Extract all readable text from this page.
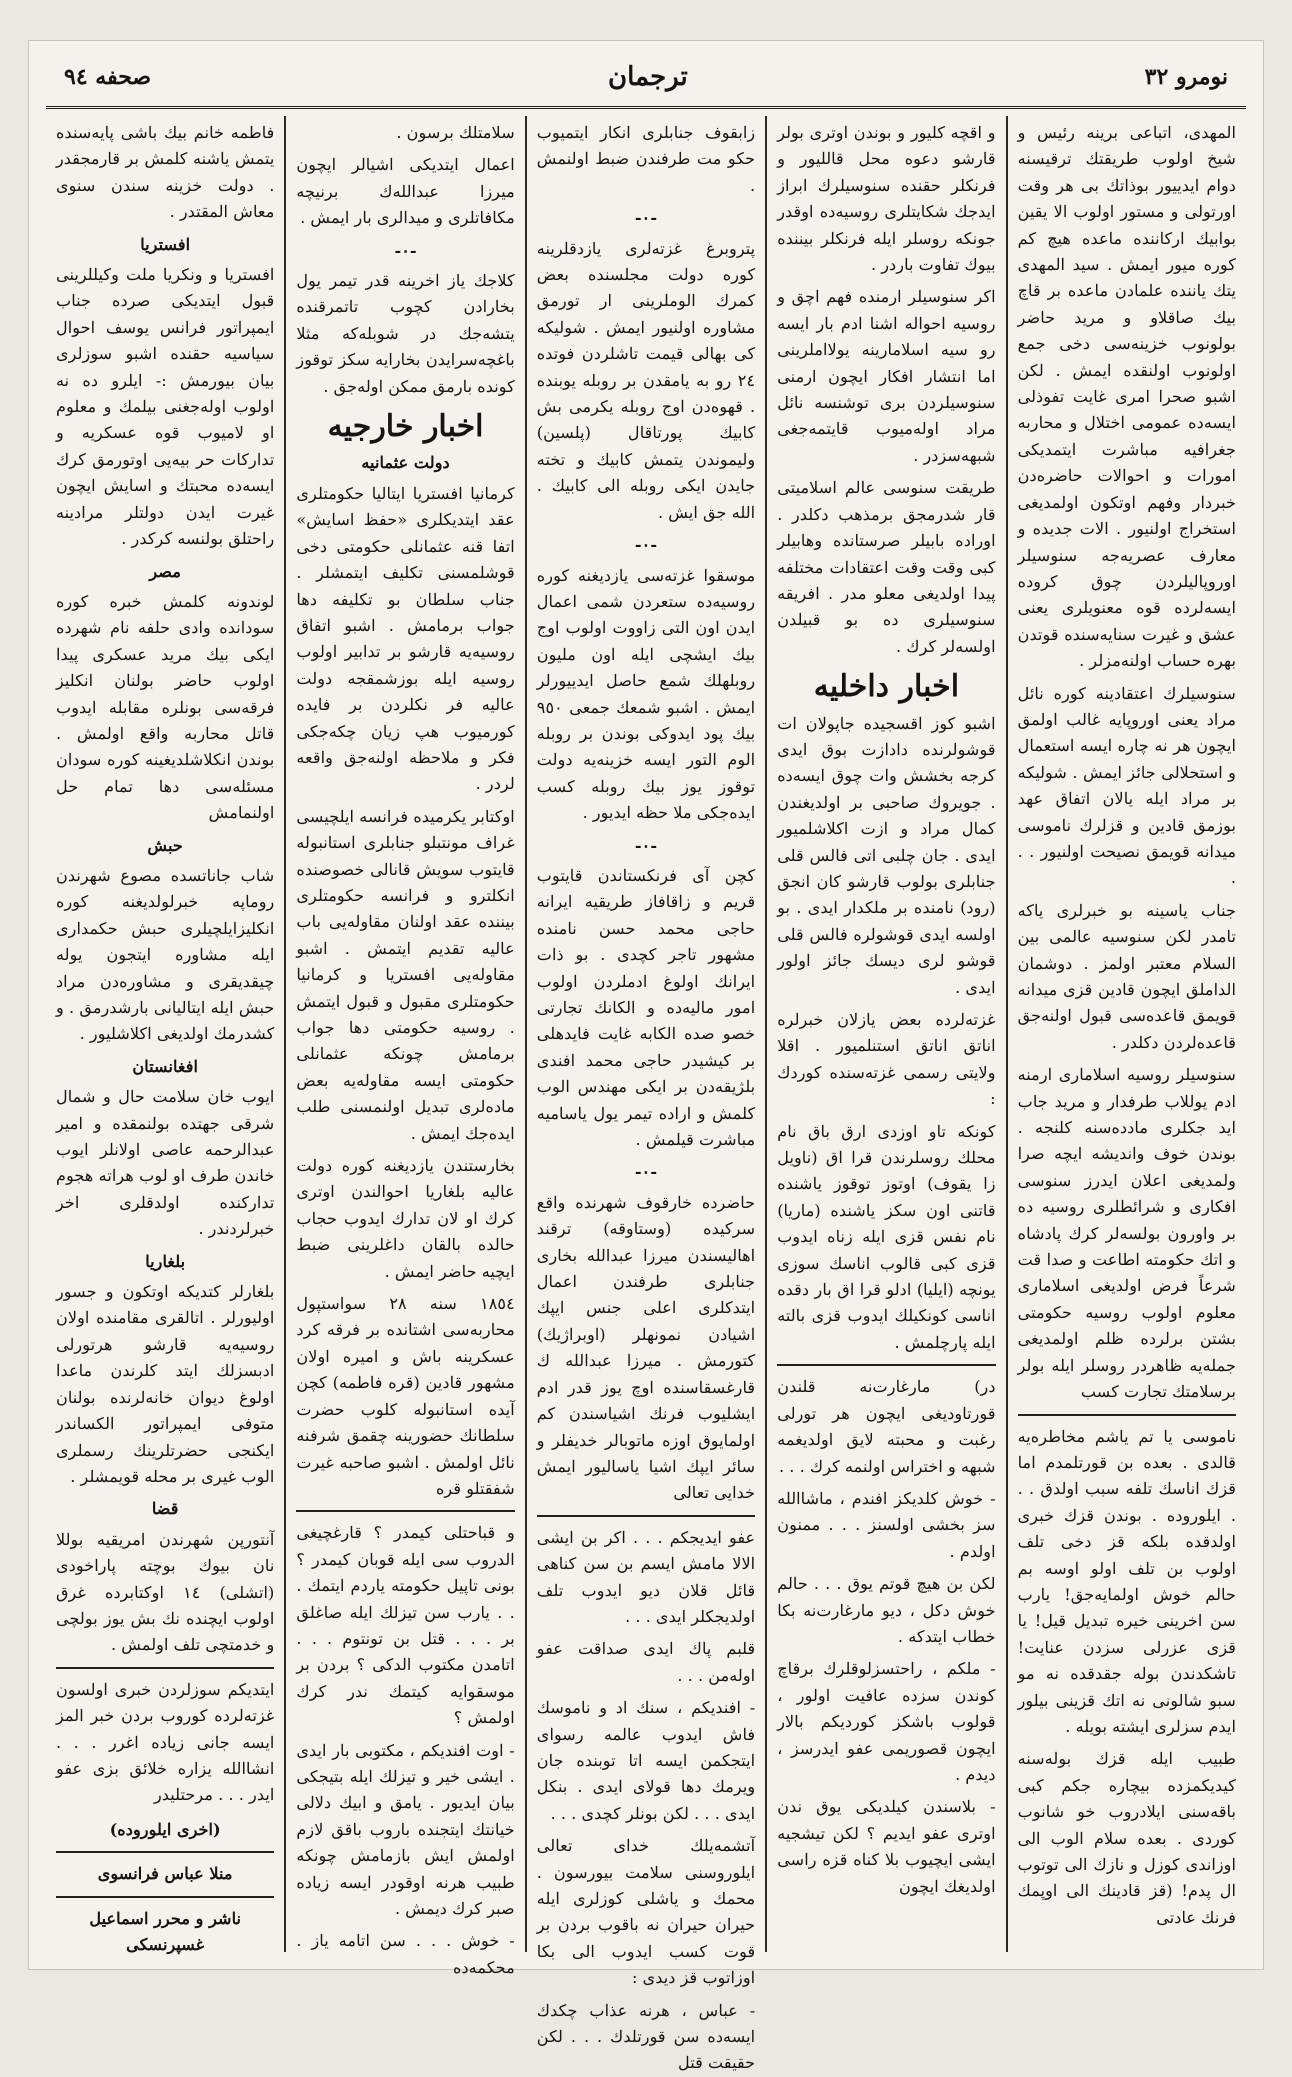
نومرو ٣٢
ترجمان
صحفه ٩٤
المهدى، اتباعى برینه رئیس و شیخ اولوب طریقتك ترقیسنه دوام ایدییور بوذاتك بى هر وقت اورتولى و مستور اولوب الا یقین بوابیك اركاننده ماعده هیچ كم كوره میور ایمش . سید المهدى یتك یاننده علمادن ماعده بر قاچ بیك صاقلاو و مرید حاضر بولونوب خزینه‌سى دخى جمع اولونوب اولنقده ایمش . لكن اشبو صحرا امرى غایت تفوذلى ایسه‌ده عمومى اختلال و محاربه جغرافیه مباشرت ایتمدیكى امورات و احوالات حاضره‌دن خبردار وفهم اوتكون اولمدیغى استخراج اولنیور . الات جدیده و معارف عصریه‌جه سنوسیلر اوروپالیلردن چوق كروده ایسه‌لرده قوه معنویلرى یعنى عشق و غیرت سنایه‌سنده قوتدن بهره حساب اولنه‌مزلر .
سنوسیلرك اعتقادینه كوره نائل مراد یعنى اوروپایه غالب اولمق ایچون هر نه چاره ایسه استعمال و استحلالى جائز ایمش . شولیكه بر مراد ایله یالان اتفاق عهد بوزمق قادین و قزلرك ناموسى میدانه قویمق نصیحت اولنیور . . .
جناب یاسینه بو خبرلرى یاكه تامدر لكن سنوسیه عالمى بین السلام معتبر اولمز . دوشمان الداملق ایچون قادین قزى میدانه قویمق قاعده‌سى قبول اولنه‌جق قاعده‌لردن دكلدر .
سنوسیلر روسیه اسلامارى ارمنه ادم یوللاب طرفدار و مرید جاب اید جكلرى مادده‌سنه كلنجه . بوندن خوف واندیشه ایچه صرا ولمدیغى اعلان ایدرز سنوسى افكارى و شرائطلرى روسیه ده بر واورون بولسه‌لر كرك پادشاه و اتك حكومته اطاعت و صدا قت شرعاً فرض اولدیغى اسلامارى معلوم اولوب روسیه حكومتى بشتن برلرده ظلم اولمدیغى جمله‌یه ظاهردر روسلر ایله بولر برسلامتك تجارت كسب
ناموسى یا تم یاشم مخاطره‌یه قالدى . بعده بن قورتلمدم اما قزك اناسك تلفه سبب اولدق . . . ایلوروده . بوندن قزك خبرى اولدقده بلكه قز دخى تلف اولوب بن تلف اولو اوسه بم حالم خوش اولمایه‌جق! یارب سن اخرینى خیره تبدیل قیل! یا قزى عزرلى سزدن عنایت! تاشكدندن بوله جقدقده نه مو سبو شالونى نه اتك قزینى بیلور ایدم سزلرى ایشته بویله .
طبیب ایله قزك بوله‌سنه كیدیكمزده بیچاره جكم كبى باقه‌سنى ایلادروب خو شانوب كوردى . بعده سلام الوب الى اوزاندى كوزل و نازك الى توتوب ال پدم! (قز قادینك الى اوپمك فرنك عادتى
و اقچه كلیور و بوندن اوترى بولر قارشو دعوه محل قاللیور و فرنكلر حقنده سنوسیلرك ابراز ایدجك شكایتلرى روسیه‌ده اوقدر جونكه روسلر ایله فرنكلر بیننده بیوك تفاوت باردر .
اكر سنوسیلر ارمنده فهم اچق و روسیه احواله اشنا ادم بار ایسه رو سیه اسلامارینه یولااملرینى اما انتشار افكار ایچون ارمنى سنوسیلردن برى توشنسه نائل مراد اوله‌میوب قایتمه‌جغى شبهه‌سزدر .
طریقت سنوسى عالم اسلامیتى قار شدرمجق برمذهب دكلدر . اوراده بابیلر صرستانده وهابیلر كبى وقت وقت اعتقادات مختلفه پیدا اولدیغى معلو مدر . افریقه سنوسیلرى ده بو قبیلدن اولسه‌لر كرك .
اخبار داخلیه
اشبو كوز اقسجیده جاپولان ات قوشولرنده دادازت بوق ایدى كرجه بخشش وات چوق ایسه‌ده . جویروك صاحبى بر اولدیغندن كمال مراد و ازت اكلاشلمیور ایدى . جان چلبى اتى فالس قلى جنابلرى بولوب قارشو كان انجق (رود) نامنده بر ملكدار ایدى . بو اولسه ایدى قوشولره ‌فالس قلى قوشو لرى دیسك جائز اولور ایدى .
غزته‌لرده بعض یازلان خبرلره اناتق اناتق استنلمیور . اقلا ولایتى رسمى غزته‌سنده كوردك :
كونكه تاو اوزدى ارق باق نام محلك روسلرندن قرا اق (ناویل زا یقوف) اوتوز توقوز یاشنده قاتنى اون سكز یاشنده (ماریا) نام نفس قزى ایله زناه ایدوب قزى كبى قالوب اناسك سوزى یونچه (ایلیا) ادلو قرا اق بار دقده اناسى كونكیلك ایدوب قزى بالته ایله پارچلمش .
در) مارغارت‌نه قلندن قورتاودیغى ایچون هر تورلى رغبت و محبته لایق اولدیغمه شبهه و اختراس اولنمه كرك . . .
- خوش كلدیكز افندم ، ماشاالله سز بخشى اولسنز . . . ممنون اولدم .
لكن بن هیچ قوتم یوق . . . حالم خوش دكل ، دیو مارغارت‌نه بكا خطاب ایتدكه .
- ملكم ، راحتسزلوقلرك برقاچ كوندن سزده عافیت اولور ، قولوب باشكز كوردیكم بالار ایچون قصوریمى عفو ایدرسز ، دیدم .
- بلاسندن كیلدیكى یوق ندن اوترى عفو ایدیم ؟ لكن تیشجیه ایشى ایچیوب بلا كناه قزه راسى اولدیغك ایچون
زابقوف جنابلرى انكار ایتمیوب حكو مت طرفندن ضبط اولنمش .
-٠-
پتروبرغ غزته‌لرى یازدقلرینه كوره دولت مجلسنده بعض كمرك الوملرینى ار تورمق مشاوره اولنیور ایمش . شولیكه كى بهالى قیمت تاشلردن فوتده ٢٤ رو به یامقدن بر روبله یوبنده . قهوه‌دن اوج روبله یكرمى بش كابیك پورتاقال (پلسین) ولیموندن یتمش كابیك و تخته جایدن ایكى روبله الى كابیك . الله جق ایش .
-٠-
موسقوا غزته‌سى یازدیغنه كوره روسیه‌ده ستعردن شمى اعمال ایدن اون التى زاووت اولوب اوج بیك ایشچى ایله اون ملیون روبلهلك شمع حاصل ایدییورلر ایمش . اشبو شمعك جمعى ٩٥٠ بیك پود ایدوكى بوندن بر روبله الوم التور ایسه خزینه‌یه دولت توقوز یوز بیك روبله كسب ایده‌جكى ملا حظه ایدیور .
-٠-
كچن آى فرنكستاندن قایتوب قریم و زاقافاز طریقیه ایرانه حاجى محمد حسن نامنده مشهور تاجر كچدى . بو ذات ایرانك اولوغ ادملردن اولوب امور مالیه‌ده و الكانك تجارتى خصو صده الكابه غایت فایدهلى بر كیشیدر حاجى محمد افندى بلژیقه‌دن بر ایكى مهندس الوب كلمش و اراده تیمر یول یاسامیه مباشرت قیلمش .
-٠-
حاضرده خارقوف شهرنده واقع سركیده (وستاوقه) ترقند اهالیسندن میرزا عبدالله بخارى جنابلرى طرفندن اعمال ایتدكلرى اعلى جنس ایپك اشیادن نمونهلر (اوبراژیك) كتورمش . میرزا عبدالله ك قارغسقاسنده اوچ یوز قدر ادم ایشلیوب فرنك اشیاسندن كم اولمایوق اوزه ماتوبالر خدیفلر و سائر ایپك اشیا یاسالیور ایمش خدایى تعالى
عفو ایدیجكم . . . اكر بن ایشى الالا مامش ایسم بن سن كناهى قائل قلان دیو ایدوب تلف اولدیجكلر ایدى . . .
قلبم پاك ایدى صداقت عفو اوله‌من . . .
- افندیكم ، سنك اد و ناموسك فاش ایدوب عالمه رسواى ایتجكمن ایسه اتا توبنده جان ویرمك دها قولاى ایدى . بنكل ایدى . . . لكن بونلر كچدى . . .
آتشمه‌یلك خداى تعالى ایلوروسنى سلامت بیورسون . محمك و یاشلى كوزلرى ایله حیران حیران نه باقوب بردن بر قوت كسب ایدوب الى بكا اوزاتوب قز دیدى :
- عباس ، هرنه عذاب چكدك ایسه‌ده سن قورتلدك . . . لكن حقیقت قتل
سلامتلك برسون .
اعمال ایتدیكى اشیالر ایچون میرزا عبدالله‌ك برنیچه مكافاتلرى و میدالرى بار ایمش .
-٠-
كلاجك یاز اخرینه قدر تیمر یول بخارادن كچوب تاتمرقنده یتشه‌جك در شوبله‌كه مثلا باغچه‌سرایدن بخارایه سكز توقوز كونده بارمق ممكن اوله‌جق .
اخبار خارجیه
دولت عثمانیه
كرمانیا افستریا ایتالیا حكومتلرى عقد ایتدیكلرى «حفظ اسایش» اتفا قنه عثمانلى حكومتى دخى قوشلمسنى تكلیف ایتمشلر . جناب سلطان بو تكلیفه دها جواب برمامش . اشبو اتفاق روسیه‌یه قارشو بر تدابیر اولوب روسیه ایله بوزشمقجه دولت عالیه فر نكلردن بر فایده كورمیوب هپ زیان چكه‌جكى فكر و ملاحظه اولنه‌جق واقعه لردر .
اوكتابر یكرمیده فرانسه ایلچیسى غراف مونتبلو جنابلرى استانبوله قایتوب سویش قانالى خصوصنده انكلترو و فرانسه حكومتلرى بیننده عقد اولنان مقاوله‌یى باب عالیه تقدیم ایتمش . اشبو مقاوله‌یى افستریا و كرمانیا حكومتلرى مقبول و قبول ایتمش . روسیه حكومتى دها جواب برمامش چونكه عثمانلى حكومتى ایسه مقاوله‌یه بعض ماده‌لرى تبدیل اولنمسنى طلب ایده‌جك ایمش .
بخارستندن یازدیغنه كوره دولت عالیه بلغاریا احوالندن اوترى كرك او لان تدارك ایدوب حجاب حالده بالقان داغلرینى ضبط ایچیه حاضر ایمش .
١٨٥٤ سنه ٢٨ سواستپول محاربه‌سى اشتانده بر فرقه كرد عسكرینه باش و امیره اولان مشهور قادین (قره فاطمه) كچن آیده استانبوله كلوب حضرت سلطانك حضورینه چقمق شرفنه نائل اولمش . اشبو صاحبه غیرت شفقتلو قره
و قباحتلى كیمدر ؟ قارغچیغى الدروب سى ایله قوبان كیمدر ؟ بونى تاپیل حكومته یاردم ایتمك . . . یارب سن تیزلك ایله صاغلق بر . . . قتل بن تونتوم . . . اتامدن مكتوب الدكى ؟ بردن بر موسقوایه كیتمك ندر كرك اولمش ؟
- اوت افندیكم ، مكتوبى بار ایدى . ایشى خیر و تیزلك ایله بتیجكى بیان ایدیور . یامق و ابیك دلالى خیانتك ایتجنده باروب باقق لازم اولمش ایش بازمامش چونكه طبیب هرنه اوقودر ایسه زیاده صبر كرك دیمش .
- خوش . . . سن اتامه یاز . محكمه‌ده
فاطمه خانم بیك باشى پایه‌سنده یتمش یاشنه كلمش بر قارمجقدر . دولت خزینه سندن سنوى معاش المقتدر .
افستریا
افستریا و ونكریا ملت وكیللرینى قبول ایتدیكى صرده جناب ایمپراتور فرانس یوسف احوال سیاسیه حقنده اشبو سوزلرى بیان بیورمش :- ایلرو ده نه اولوب اوله‌جغنى بیلمك و معلوم او لامیوب قوه عسكریه و تداركات حر بیه‌یى اوتورمق كرك ایسه‌ده محبتك و اسایش ایچون غیرت ایدن دولتلر مرادینه راحتلق بولنسه كركدر .
مصر
لوندونه كلمش خبره كوره سودانده وادى حلفه نام شهرده ایكى بیك مرید عسكرى پیدا اولوب حاضر بولنان انكلیز فرقه‌سى بونلره مقابله ایدوب قاتل محاربه واقع اولمش . بوندن انكلاشلدیغینه كوره سودان مسئله‌سى دها تمام حل اولنمامش
حبش
شاب جاناتسده مصوع شهرندن روماپه خبرلولدیغنه كوره انكلیزایلچیلرى حبش حكمدارى ایله مشاوره ایتجون یوله چیقدیقرى و مشاوره‌دن مراد حبش ایله ایتالیانى بارشدرمق . و كشدرمك اولدیغى اكلاشلیور .
افغانستان
ایوب خان سلامت حال و شمال شرقى جهتده بولنمقده و امیر عبدالرحمه عاصى اولانلر ایوب خاندن طرف او لوب هراته هجوم تداركنده اولدقلرى اخر خبرلردندر .
بلغاریا
بلغارلر كتدیكه اوتكون و جسور اولیورلر . اتالقرى مقامنده اولان روسیه‌یه قارشو هرتورلى ادبسزلك ایتد كلرندن ماعدا اولوغ دیوان خانه‌لرنده بولنان متوفى ایمپراتور الكساندر ایكنجى حضرتلرینك رسملرى الوب غیرى بر محله قویمشلر .
قضا
آنتورپن شهرندن امریقیه بوللا نان بیوك ‌بوچته پاراخودى (اتشلى) ١٤ اوكتابرده غرق اولوب ایچنده نك بش یوز بولچى و خدمتچى تلف اولمش .
ایتدیكم سوزلردن خبرى اولسون غزته‌لرده كوروب بردن خبر المز ایسه جانى زیاده اغرر . . . انشاالله یزاره خلائق بزى عفو ایدر . . . مرحتلیدر
(اخرى ایلوروده)
منلا عباس فرانسوى
ناشر و محرر اسماعیل غسپرنسكى
